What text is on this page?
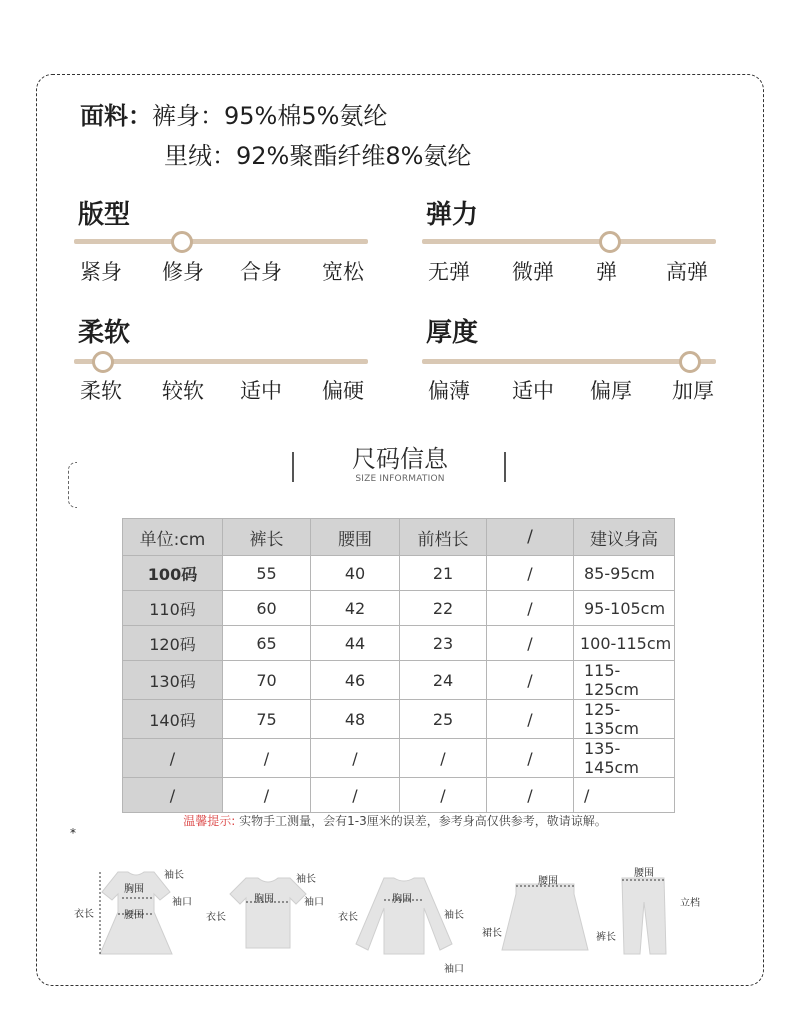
面料：裤身：95%棉5%氨纶
里绒：92%聚酯纤维8%氨纶
版型
紧身 修身 合身 宽松
弹力
无弹 微弹 弹 高弹
柔软
柔软 较软 适中 偏硬
厚度
偏薄 适中 偏厚 加厚
尺码信息
SIZE INFORMATION
单位:cm	裤长	腰围	前档长	/	建议身高
100码	55	40	21	/	85-95cm
110码	60	42	22	/	95-105cm
120码	65	44	23	/	100-115cm
130码	70	46	24	/	115-125cm
140码	75	48	25	/	125-135cm
/	/	/	/	/	135-145cm
/	/	/	/	/	/
温馨提示: 实物手工测量，会有1-3厘米的误差，参考身高仅供参考，敬请谅解。
*
袖长
胸围
袖口
衣长	腰围
袖长
胸围	袖口
衣长
胸围
衣长	袖长
袖口
腰围
裙长
腰围
立档
裤长
